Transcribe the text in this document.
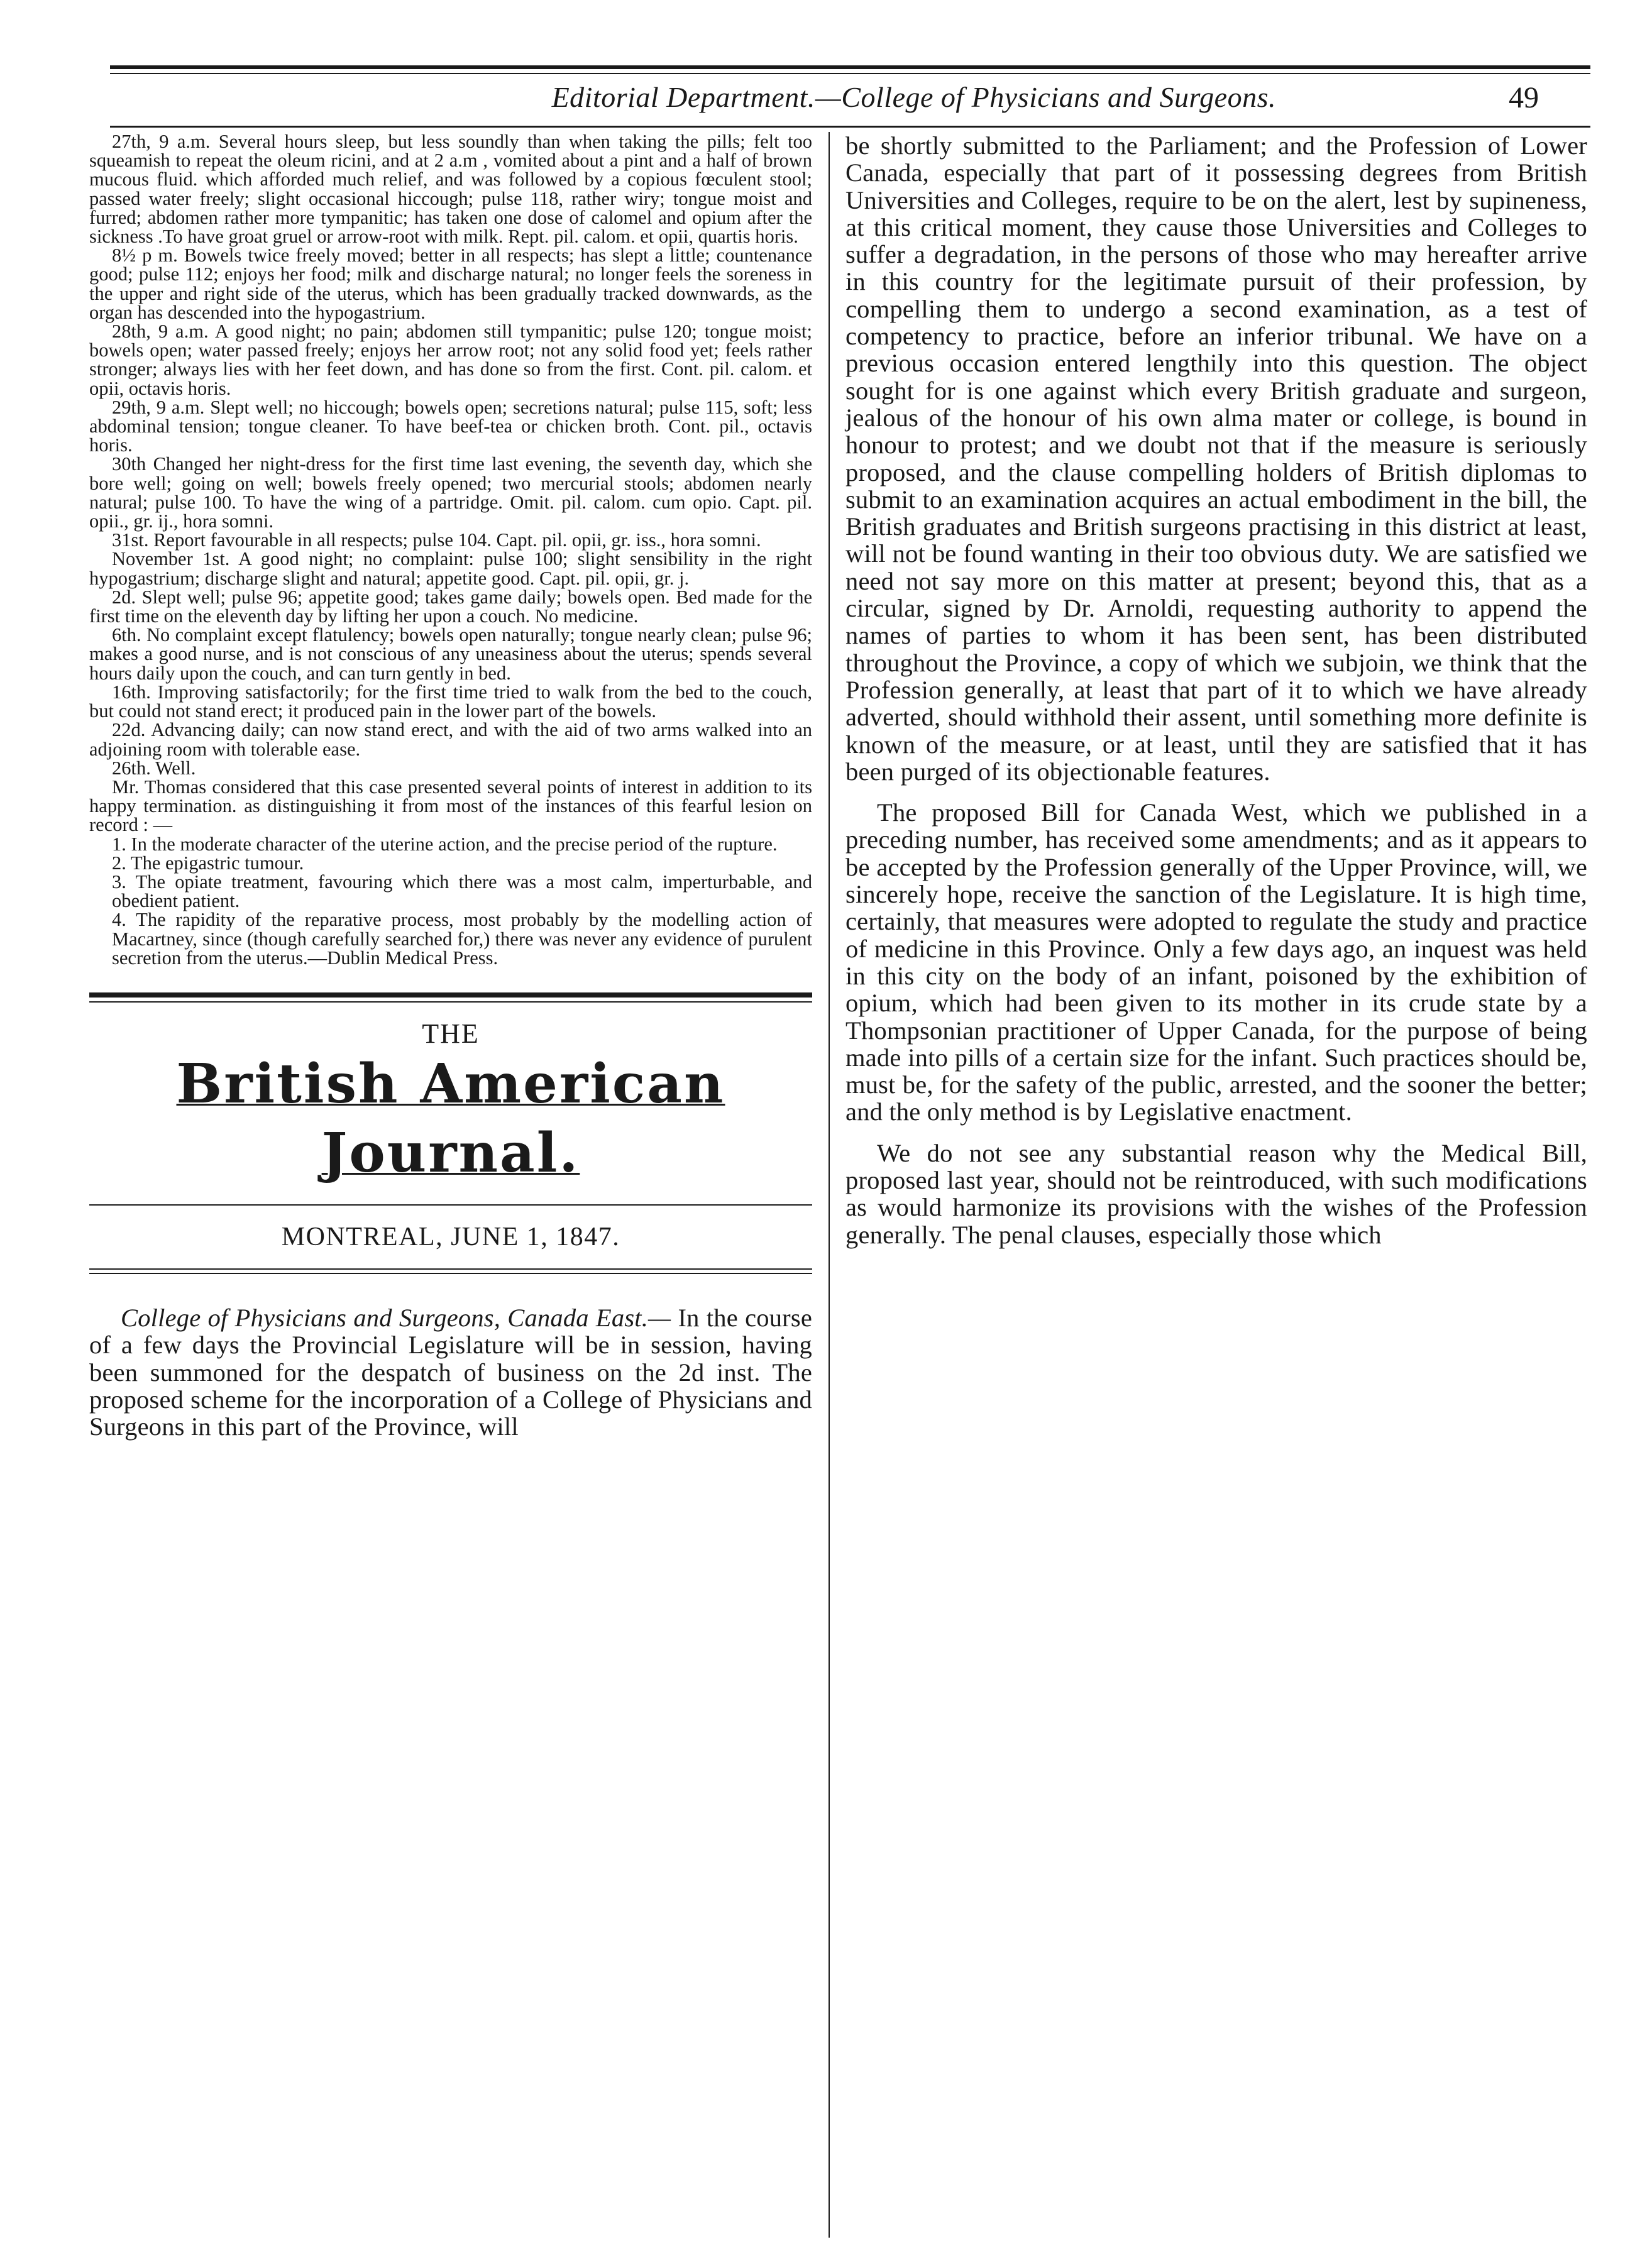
Editorial Department.—College of Physicians and Surgeons.	49

27th, 9 a.m. Several hours sleep, but less soundly than when taking the pills; felt too squeamish to repeat the oleum ricini, and at 2 a.m , vomited about a pint and a half of brown mucous fluid. which afforded much relief, and was followed by a copious fœculent stool; passed water freely; slight occasional hiccough; pulse 118, rather wiry; tongue moist and furred; abdomen rather more tympanitic; has taken one dose of calomel and opium after the sickness .To have groat gruel or arrow-root with milk. Rept. pil. calom. et opii, quartis horis.

8½ p m. Bowels twice freely moved; better in all respects; has slept a little; countenance good; pulse 112; enjoys her food; milk and discharge natural; no longer feels the soreness in the upper and right side of the uterus, which has been gradually tracked downwards, as the organ has descended into the hypogastrium.

28th, 9 a.m. A good night; no pain; abdomen still tympanitic; pulse 120; tongue moist; bowels open; water passed freely; enjoys her arrow root; not any solid food yet; feels rather stronger; always lies with her feet down, and has done so from the first. Cont. pil. calom. et opii, octavis horis.

29th, 9 a.m. Slept well; no hiccough; bowels open; secretions natural; pulse 115, soft; less abdominal tension; tongue cleaner. To have beef-tea or chicken broth. Cont. pil., octavis horis.

30th Changed her night-dress for the first time last evening, the seventh day, which she bore well; going on well; bowels freely opened; two mercurial stools; abdomen nearly natural; pulse 100. To have the wing of a partridge. Omit. pil. calom. cum opio. Capt. pil. opii., gr. ij., hora somni.

31st. Report favourable in all respects; pulse 104. Capt. pil. opii, gr. iss., hora somni.

November 1st. A good night; no complaint: pulse 100; slight sensibility in the right hypogastrium; discharge slight and natural; appetite good. Capt. pil. opii, gr. j.

2d. Slept well; pulse 96; appetite good; takes game daily; bowels open. Bed made for the first time on the eleventh day by lifting her upon a couch. No medicine.

6th. No complaint except flatulency; bowels open naturally; tongue nearly clean; pulse 96; makes a good nurse, and is not conscious of any uneasiness about the uterus; spends several hours daily upon the couch, and can turn gently in bed.

16th. Improving satisfactorily; for the first time tried to walk from the bed to the couch, but could not stand erect; it produced pain in the lower part of the bowels.

22d. Advancing daily; can now stand erect, and with the aid of two arms walked into an adjoining room with tolerable ease.

26th. Well.

Mr. Thomas considered that this case presented several points of interest in addition to its happy termination. as distinguishing it from most of the instances of this fearful lesion on record : —

1. In the moderate character of the uterine action, and the precise period of the rupture.

2. The epigastric tumour.

3. The opiate treatment, favouring which there was a most calm, imperturbable, and obedient patient.

4. The rapidity of the reparative process, most probably by the modelling action of Macartney, since (though carefully searched for,) there was never any evidence of purulent secretion from the uterus.—Dublin Medical Press.

THE

British American Journal.

MONTREAL, JUNE 1, 1847.

College of Physicians and Surgeons, Canada East.— In the course of a few days the Provincial Legislature will be in session, having been summoned for the despatch of business on the 2d inst. The proposed scheme for the incorporation of a College of Physicians and Surgeons in this part of the Province, will

be shortly submitted to the Parliament; and the Profession of Lower Canada, especially that part of it possessing degrees from British Universities and Colleges, require to be on the alert, lest by supineness, at this critical moment, they cause those Universities and Colleges to suffer a degradation, in the persons of those who may hereafter arrive in this country for the legitimate pursuit of their profession, by compelling them to undergo a second examination, as a test of competency to practice, before an inferior tribunal. We have on a previous occasion entered lengthily into this question. The object sought for is one against which every British graduate and surgeon, jealous of the honour of his own alma mater or college, is bound in honour to protest; and we doubt not that if the measure is seriously proposed, and the clause compelling holders of British diplomas to submit to an examination acquires an actual embodiment in the bill, the British graduates and British surgeons practising in this district at least, will not be found wanting in their too obvious duty. We are satisfied we need not say more on this matter at present; beyond this, that as a circular, signed by Dr. Arnoldi, requesting authority to append the names of parties to whom it has been sent, has been distributed throughout the Province, a copy of which we subjoin, we think that the Profession generally, at least that part of it to which we have already adverted, should withhold their assent, until something more definite is known of the measure, or at least, until they are satisfied that it has been purged of its objectionable features.

The proposed Bill for Canada West, which we published in a preceding number, has received some amendments; and as it appears to be accepted by the Profession generally of the Upper Province, will, we sincerely hope, receive the sanction of the Legislature. It is high time, certainly, that measures were adopted to regulate the study and practice of medicine in this Province. Only a few days ago, an inquest was held in this city on the body of an infant, poisoned by the exhibition of opium, which had been given to its mother in its crude state by a Thompsonian practitioner of Upper Canada, for the purpose of being made into pills of a certain size for the infant. Such practices should be, must be, for the safety of the public, arrested, and the sooner the better; and the only method is by Legislative enactment.

We do not see any substantial reason why the Medical Bill, proposed last year, should not be reintroduced, with such modifications as would harmonize its provisions with the wishes of the Profession generally. The penal clauses, especially those which
